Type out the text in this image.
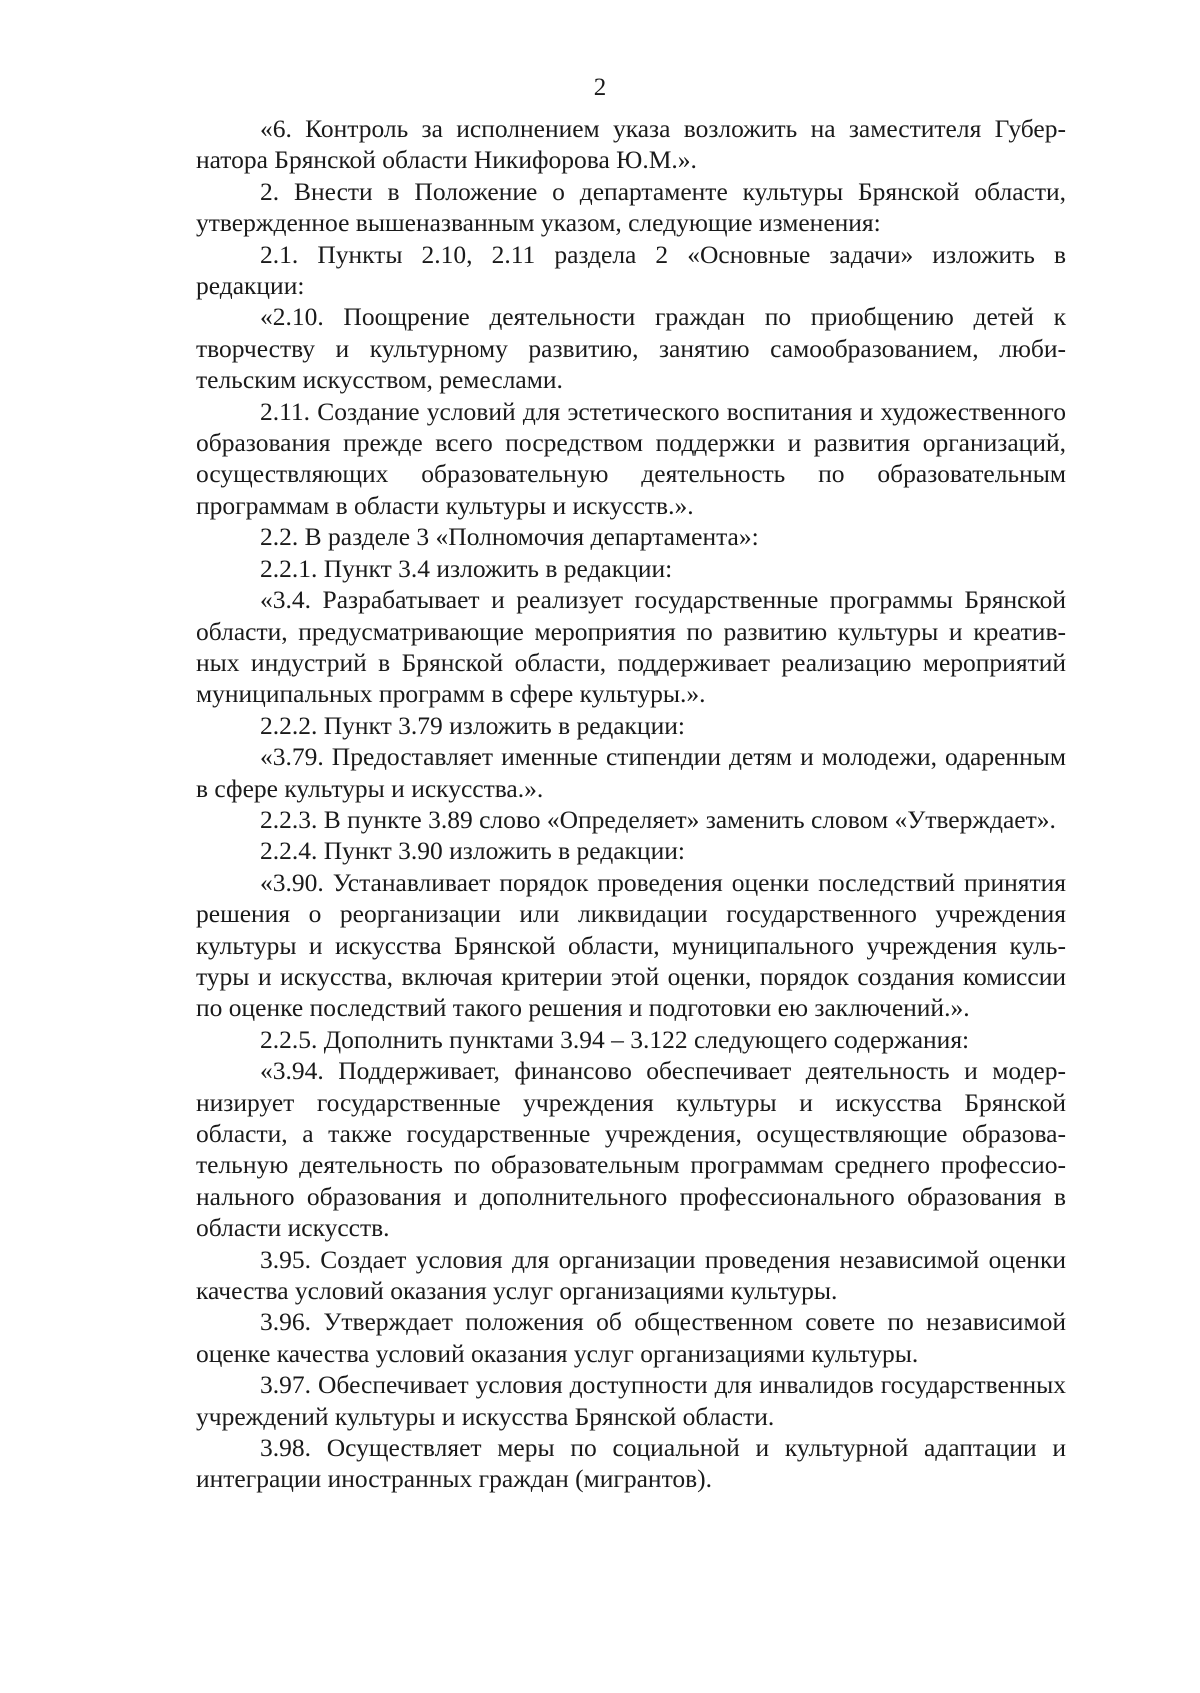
2

«6. Контроль за исполнением указа возложить на заместителя Губернатора Брянской области Никифорова Ю.М.».

2. Внести в Положение о департаменте культуры Брянской области, утвержденное вышеназванным указом, следующие изменения:

2.1. Пункты 2.10, 2.11 раздела 2 «Основные задачи» изложить в редакции:

«2.10. Поощрение деятельности граждан по приобщению детей к творчеству и культурному развитию, занятию самообразованием, любительским искусством, ремеслами.

2.11. Создание условий для эстетического воспитания и художественного образования прежде всего посредством поддержки и развития организаций, осуществляющих образовательную деятельность по образовательным программам в области культуры и искусств.».

2.2. В разделе 3 «Полномочия департамента»:

2.2.1. Пункт 3.4 изложить в редакции:

«3.4. Разрабатывает и реализует государственные программы Брянской области, предусматривающие мероприятия по развитию культуры и креативных индустрий в Брянской области, поддерживает реализацию мероприятий муниципальных программ в сфере культуры.».

2.2.2. Пункт 3.79 изложить в редакции:

«3.79. Предоставляет именные стипендии детям и молодежи, одаренным в сфере культуры и искусства.».

2.2.3. В пункте 3.89 слово «Определяет» заменить словом «Утверждает».

2.2.4. Пункт 3.90 изложить в редакции:

«3.90. Устанавливает порядок проведения оценки последствий принятия решения о реорганизации или ликвидации государственного учреждения культуры и искусства Брянской области, муниципального учреждения культуры и искусства, включая критерии этой оценки, порядок создания комиссии по оценке последствий такого решения и подготовки ею заключений.».

2.2.5. Дополнить пунктами 3.94 – 3.122 следующего содержания:

«3.94. Поддерживает, финансово обеспечивает деятельность и модернизирует государственные учреждения культуры и искусства Брянской области, а также государственные учреждения, осуществляющие образовательную деятельность по образовательным программам среднего профессионального образования и дополнительного профессионального образования в области искусств.

3.95. Создает условия для организации проведения независимой оценки качества условий оказания услуг организациями культуры.

3.96. Утверждает положения об общественном совете по независимой оценке качества условий оказания услуг организациями культуры.

3.97. Обеспечивает условия доступности для инвалидов государственных учреждений культуры и искусства Брянской области.

3.98. Осуществляет меры по социальной и культурной адаптации и интеграции иностранных граждан (мигрантов).
